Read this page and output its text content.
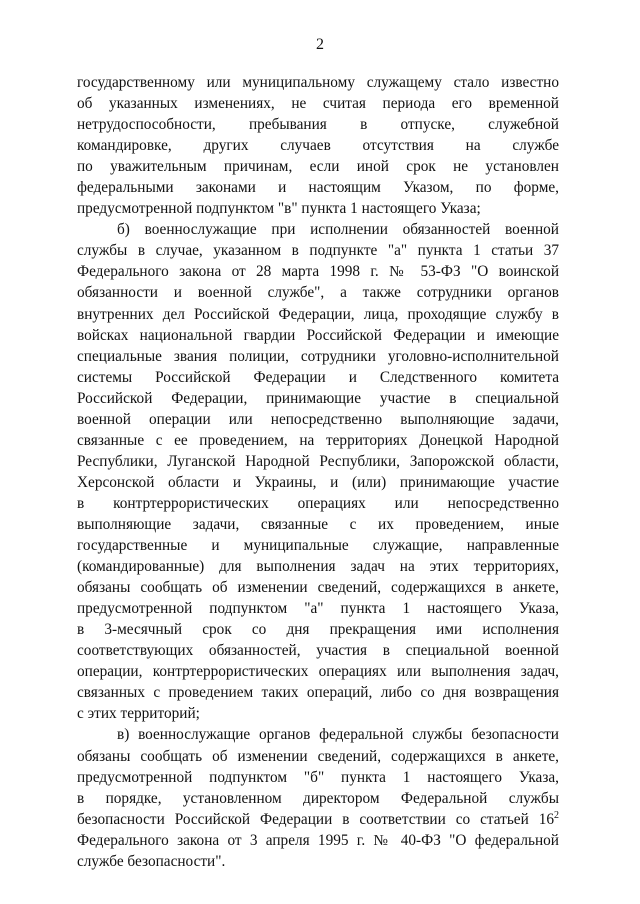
2
государственному или муниципальному служащему стало известно
об указанных изменениях, не считая периода его временной
нетрудоспособности, пребывания в отпуске, служебной
командировке, других случаев отсутствия на службе
по уважительным причинам, если иной срок не установлен
федеральными законами и настоящим Указом, по форме,
предусмотренной подпунктом "в" пункта 1 настоящего Указа;
б) военнослужащие при исполнении обязанностей военной
службы в случае, указанном в подпункте "а" пункта 1 статьи 37
Федерального закона от 28 марта 1998 г. № 53-ФЗ "О воинской
обязанности и военной службе", а также сотрудники органов
внутренних дел Российской Федерации, лица, проходящие службу в
войсках национальной гвардии Российской Федерации и имеющие
специальные звания полиции, сотрудники уголовно-исполнительной
системы Российской Федерации и Следственного комитета
Российской Федерации, принимающие участие в специальной
военной операции или непосредственно выполняющие задачи,
связанные с ее проведением, на территориях Донецкой Народной
Республики, Луганской Народной Республики, Запорожской области,
Херсонской области и Украины, и (или) принимающие участие
в контртеррористических операциях или непосредственно
выполняющие задачи, связанные с их проведением, иные
государственные и муниципальные служащие, направленные
(командированные) для выполнения задач на этих территориях,
обязаны сообщать об изменении сведений, содержащихся в анкете,
предусмотренной подпунктом "а" пункта 1 настоящего Указа,
в 3-месячный срок со дня прекращения ими исполнения
соответствующих обязанностей, участия в специальной военной
операции, контртеррористических операциях или выполнения задач,
связанных с проведением таких операций, либо со дня возвращения
с этих территорий;
в) военнослужащие органов федеральной службы безопасности
обязаны сообщать об изменении сведений, содержащихся в анкете,
предусмотренной подпунктом "б" пункта 1 настоящего Указа,
в порядке, установленном директором Федеральной службы
безопасности Российской Федерации в соответствии со статьей $16^2$
Федерального закона от 3 апреля 1995 г. № 40-ФЗ "О федеральной
службе безопасности".
